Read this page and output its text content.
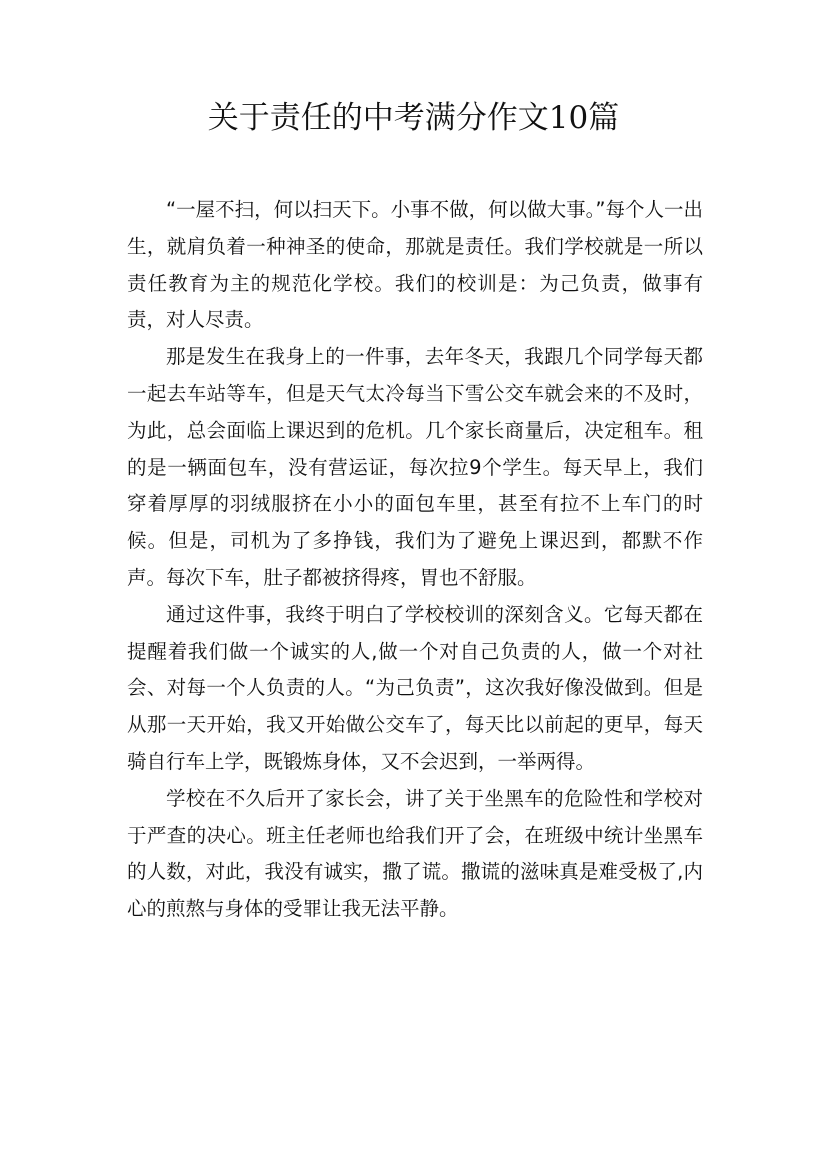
关于责任的中考满分作文10篇

“一屋不扫，何以扫天下。小事不做，何以做大事。”每个人一出生，就肩负着一种神圣的使命，那就是责任。我们学校就是一所以责任教育为主的规范化学校。我们的校训是：为己负责，做事有责，对人尽责。

那是发生在我身上的一件事，去年冬天，我跟几个同学每天都一起去车站等车，但是天气太冷每当下雪公交车就会来的不及时，为此，总会面临上课迟到的危机。几个家长商量后，决定租车。租的是一辆面包车，没有营运证，每次拉9个学生。每天早上，我们穿着厚厚的羽绒服挤在小小的面包车里，甚至有拉不上车门的时候。但是，司机为了多挣钱，我们为了避免上课迟到，都默不作声。每次下车，肚子都被挤得疼，胃也不舒服。

通过这件事，我终于明白了学校校训的深刻含义。它每天都在提醒着我们做一个诚实的人,做一个对自己负责的人，做一个对社会、对每一个人负责的人。“为己负责”，这次我好像没做到。但是从那一天开始，我又开始做公交车了，每天比以前起的更早，每天骑自行车上学，既锻炼身体，又不会迟到，一举两得。

学校在不久后开了家长会，讲了关于坐黑车的危险性和学校对于严查的决心。班主任老师也给我们开了会，在班级中统计坐黑车的人数，对此，我没有诚实，撒了谎。撒谎的滋味真是难受极了,内心的煎熬与身体的受罪让我无法平静。
